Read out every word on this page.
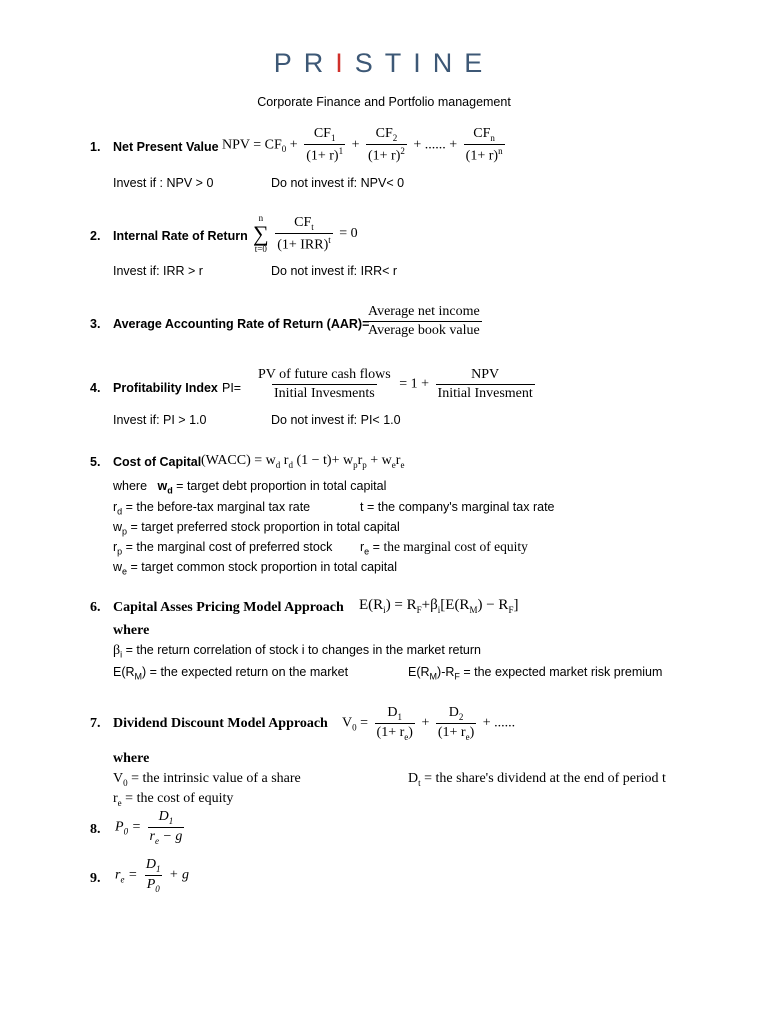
PRISTINE
Corporate Finance and Portfolio management
1. Net Present Value NPV = $CF_0 + \frac{CF_1}{(1+ r)^1} + \frac{CF_2}{(1+ r)^2}$ + ...... +
$CF_n$
$(1+ r)^n$
Invest if : NPV > 0	Do not invest if: NPV< 0
2. Internal Rate of Return
n
∑
t=0

$CF_t$
(1+ IRR)$^t$ = 0
Invest if: IRR > r	Do not invest if: IRR< r
3. Average Accounting Rate of Return (AAR)=
Average net income
Average book value
4. Profitability Index PI=
PV of future cash flows
Initial Invesments
= 1 +
NPV
Initial Invesment
Invest if: PI > 1.0	Do not invest if: PI< 1.0
5. Cost of Capital (WACC) = $w_d$ $r_d$ $(1 - t)+ w_pr_p + w_er_e$
where   $w_d$ = target debt proportion in total capital
$r_d$ = the before-tax marginal tax rate	t = the company's marginal tax rate
$w_p$ = target preferred stock proportion in total capital
$r_p$ = the marginal cost of preferred stock $r_e$ = the marginal cost of equity
$w_e$ = target common stock proportion in total capital
6. Capital Asses Pricing Model Approach $E(R_i) = R_F+\beta_i[E(R_M) - R_F]$
where
$\beta_i$ = the return correlation of stock i to changes in the market return
$E(R_M)$ = the expected return on the market	$E(R_M)-R_F$ = the expected market risk premium
7. Dividend Discount Model Approach $V_0 = \frac{D_1}{(1+ r_e)} + \frac{D_2}{(1+ r_e)}$ + ......
where
$V_0$ = the intrinsic value of a share	$D_t$ = the share's dividend at the end of period t
$r_e$ = the cost of equity
8. $P_0 = \frac{D_1}{r_e - g}$
9. $r_e = \frac{D_1}{P_0} + g$
